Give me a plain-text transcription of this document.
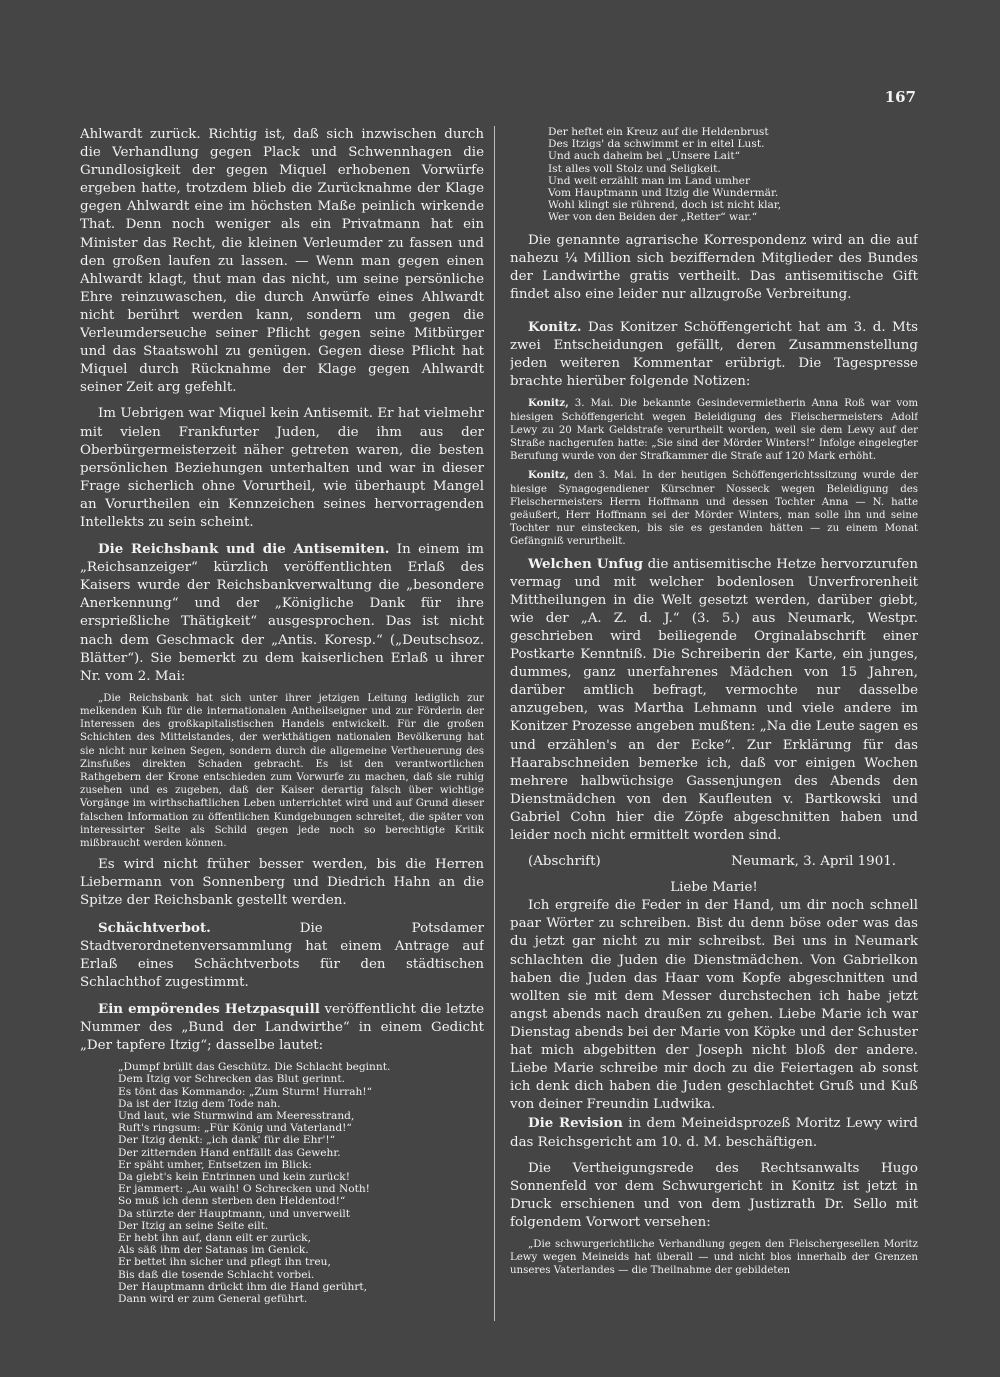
167

Ahlwardt zurück. Richtig ist, daß sich inzwischen durch die Verhandlung gegen Plack und Schwennhagen die Grundlosigkeit der gegen Miquel erhobenen Vorwürfe ergeben hatte, trotzdem blieb die Zurücknahme der Klage gegen Ahlwardt eine im höchsten Maße peinlich wirkende That. Denn noch weniger als ein Privatmann hat ein Minister das Recht, die kleinen Verleumder zu fassen und den großen laufen zu lassen. — Wenn man gegen einen Ahlwardt klagt, thut man das nicht, um seine persönliche Ehre reinzuwaschen, die durch Anwürfe eines Ahlwardt nicht berührt werden kann, sondern um gegen die Verleumderseuche seiner Pflicht gegen seine Mitbürger und das Staatswohl zu genügen. Gegen diese Pflicht hat Miquel durch Rücknahme der Klage gegen Ahlwardt seiner Zeit arg gefehlt.

Im Uebrigen war Miquel kein Antisemit. Er hat vielmehr mit vielen Frankfurter Juden, die ihm aus der Oberbürgermeisterzeit näher getreten waren, die besten persönlichen Beziehungen unterhalten und war in dieser Frage sicherlich ohne Vorurtheil, wie überhaupt Mangel an Vorurtheilen ein Kennzeichen seines hervorragenden Intellekts zu sein scheint.

Die Reichsbank und die Antisemiten. In einem im „Reichsanzeiger“ kürzlich veröffentlichten Erlaß des Kaisers wurde der Reichsbankverwaltung die „besondere Anerkennung“ und der „Königliche Dank für ihre ersprießliche Thätigkeit“ ausgesprochen. Das ist nicht nach dem Geschmack der „Antis. Koresp.“ („Deutschsoz. Blätter“). Sie bemerkt zu dem kaiserlichen Erlaß u ihrer Nr. vom 2. Mai:

„Die Reichsbank hat sich unter ihrer jetzigen Leitung lediglich zur melkenden Kuh für die internationalen Antheilseigner und zur Förderin der Interessen des großkapitalistischen Handels entwickelt. Für die großen Schichten des Mittelstandes, der werkthätigen nationalen Bevölkerung hat sie nicht nur keinen Segen, sondern durch die allgemeine Vertheuerung des Zinsfußes direkten Schaden gebracht. Es ist den verantwortlichen Rathgebern der Krone entschieden zum Vorwurfe zu machen, daß sie ruhig zusehen und es zugeben, daß der Kaiser derartig falsch über wichtige Vorgänge im wirthschaftlichen Leben unterrichtet wird und auf Grund dieser falschen Information zu öffentlichen Kundgebungen schreitet, die später von interessirter Seite als Schild gegen jede noch so berechtigte Kritik mißbraucht werden können.

Es wird nicht früher besser werden, bis die Herren Liebermann von Sonnenberg und Diedrich Hahn an die Spitze der Reichsbank gestellt werden.

Schächtverbot.	Die Potsdamer Stadtverordnetenversammlung hat einem Antrage auf Erlaß eines Schächtverbots für den städtischen Schlachthof zugestimmt.

Ein empörendes Hetzpasquill veröffentlicht die letzte Nummer des „Bund der Landwirthe“ in einem Gedicht „Der tapfere Itzig“; dasselbe lautet:

„Dumpf brüllt das Geschütz. Die Schlacht beginnt.
Dem Itzig vor Schrecken das Blut gerinnt.
Es tönt das Kommando: „Zum Sturm! Hurrah!“
Da ist der Itzig dem Tode nah.
Und laut, wie Sturmwind am Meeresstrand,
Ruft's ringsum: „Für König und Vaterland!“
Der Itzig denkt: „ich dank' für die Ehr'!“
Der zitternden Hand entfällt das Gewehr.
Er späht umher, Entsetzen im Blick:
Da giebt's kein Entrinnen und kein zurück!
Er jammert: „Au waih! O Schrecken und Noth!
So muß ich denn sterben den Heldentod!“
Da stürzte der Hauptmann, und unverweilt
Der Itzig an seine Seite eilt.
Er hebt ihn auf, dann eilt er zurück,
Als säß ihm der Satanas im Genick.
Er bettet ihn sicher und pflegt ihn treu,
Bis daß die tosende Schlacht vorbei.
Der Hauptmann drückt ihm die Hand gerührt,
Dann wird er zum General geführt.
Der heftet ein Kreuz auf die Heldenbrust
Des Itzigs' da schwimmt er in eitel Lust.
Und auch daheim bei „Unsere Lait“
Ist alles voll Stolz und Seligkeit.
Und weit erzählt man im Land umher
Vom Hauptmann und Itzig die Wundermär.
Wohl klingt sie rührend, doch ist nicht klar,
Wer von den Beiden der „Retter“ war.“

Die genannte agrarische Korrespondenz wird an die auf nahezu ¼ Million sich beziffernden Mitglieder des Bundes der Landwirthe gratis vertheilt. Das antisemitische Gift findet also eine leider nur allzugroße Verbreitung.

Konitz. Das Konitzer Schöffengericht hat am 3. d. Mts zwei Entscheidungen gefällt, deren Zusammenstellung jeden weiteren Kommentar erübrigt. Die Tagespresse brachte hierüber folgende Notizen:

Konitz, 3. Mai. Die bekannte Gesindevermietherin Anna Roß war vom hiesigen Schöffengericht wegen Beleidigung des Fleischermeisters Adolf Lewy zu 20 Mark Geldstrafe verurtheilt worden, weil sie dem Lewy auf der Straße nachgerufen hatte: „Sie sind der Mörder Winters!“ Infolge eingelegter Berufung wurde von der Strafkammer die Strafe auf 120 Mark erhöht.

Konitz, den 3. Mai. In der heutigen Schöffengerichtssitzung wurde der hiesige Synagogendiener Kürschner Nosseck wegen Beleidigung des Fleischermeisters Herrn Hoffmann und dessen Tochter Anna — N. hatte geäußert, Herr Hoffmann sei der Mörder Winters, man solle ihn und seine Tochter nur einstecken, bis sie es gestanden hätten — zu einem Monat Gefängniß verurtheilt.

Welchen Unfug die antisemitische Hetze hervorzurufen vermag und mit welcher bodenlosen Unverfrorenheit Mittheilungen in die Welt gesetzt werden, darüber giebt, wie der „A. Z. d. J.“ (3. 5.) aus Neumark, Westpr. geschrieben wird beiliegende Orginalabschrift einer Postkarte Kenntniß. Die Schreiberin der Karte, ein junges, dummes, ganz unerfahrenes Mädchen von 15 Jahren, darüber amtlich befragt, vermochte nur dasselbe anzugeben, was Martha Lehmann und viele andere im Konitzer Prozesse angeben mußten: „Na die Leute sagen es und erzählen's an der Ecke“. Zur Erklärung für das Haarabschneiden bemerke ich, daß vor einigen Wochen mehrere halbwüchsige Gassenjungen des Abends den Dienstmädchen von den Kaufleuten v. Bartkowski und Gabriel Cohn hier die Zöpfe abgeschnitten haben und leider noch nicht ermittelt worden sind.

(Abschrift)	Neumark, 3. April 1901.

Liebe Marie!

Ich ergreife die Feder in der Hand, um dir noch schnell paar Wörter zu schreiben. Bist du denn böse oder was das du jetzt gar nicht zu mir schreibst. Bei uns in Neumark schlachten die Juden die Dienstmädchen. Von Gabrielkon haben die Juden das Haar vom Kopfe abgeschnitten und wollten sie mit dem Messer durchstechen ich habe jetzt angst abends nach draußen zu gehen. Liebe Marie ich war Dienstag abends bei der Marie von Köpke und der Schuster hat mich abgebitten der Joseph nicht bloß der andere. Liebe Marie schreibe mir doch zu die Feiertagen ab sonst ich denk dich haben die Juden geschlachtet Gruß und Kuß von deiner Freundin Ludwika.

Die Revision in dem Meineidsprozeß Moritz Lewy wird das Reichsgericht am 10. d. M. beschäftigen.

Die Vertheigungsrede des Rechtsanwalts Hugo Sonnenfeld vor dem Schwurgericht in Konitz ist jetzt in Druck erschienen und von dem Justizrath Dr. Sello mit folgendem Vorwort versehen:

„Die schwurgerichtliche Verhandlung gegen den Fleischergesellen Moritz Lewy wegen Meineids hat überall — und nicht blos innerhalb der Grenzen unseres Vaterlandes — die Theilnahme der gebildeten
